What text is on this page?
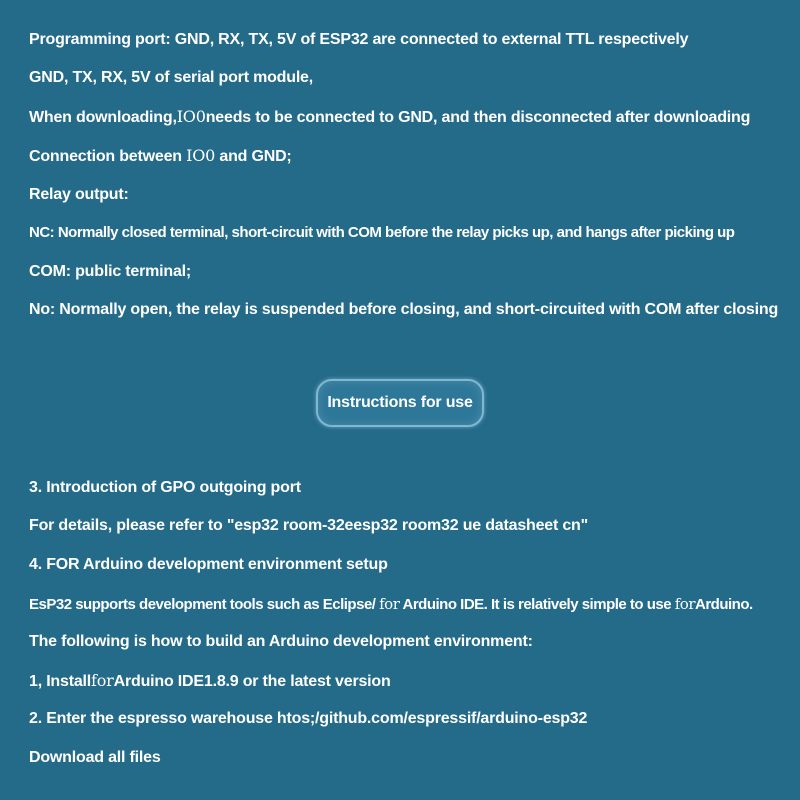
Programming port: GND, RX, TX, 5V of ESP32 are connected to external TTL respectively
GND, TX, RX, 5V of serial port module,
When downloading,IO0needs to be connected to GND, and then disconnected after downloading
Connection between IO0 and GND;
Relay output:
NC: Normally closed terminal, short-circuit with COM before the relay picks up, and hangs after picking up
COM: public terminal;
No: Normally open, the relay is suspended before closing, and short-circuited with COM after closing
Instructions for use
3. Introduction of GPO outgoing port
For details, please refer to "esp32 room-32eesp32 room32 ue datasheet cn"
4. FOR Arduino development environment setup
EsP32 supports development tools such as Eclipse/ for Arduino IDE. It is relatively simple to use forArduino.
The following is how to build an Arduino development environment:
1, InstallforArduino IDE1.8.9 or the latest version
2. Enter the espresso warehouse htos;/github.com/espressif/arduino-esp32
Download all files
